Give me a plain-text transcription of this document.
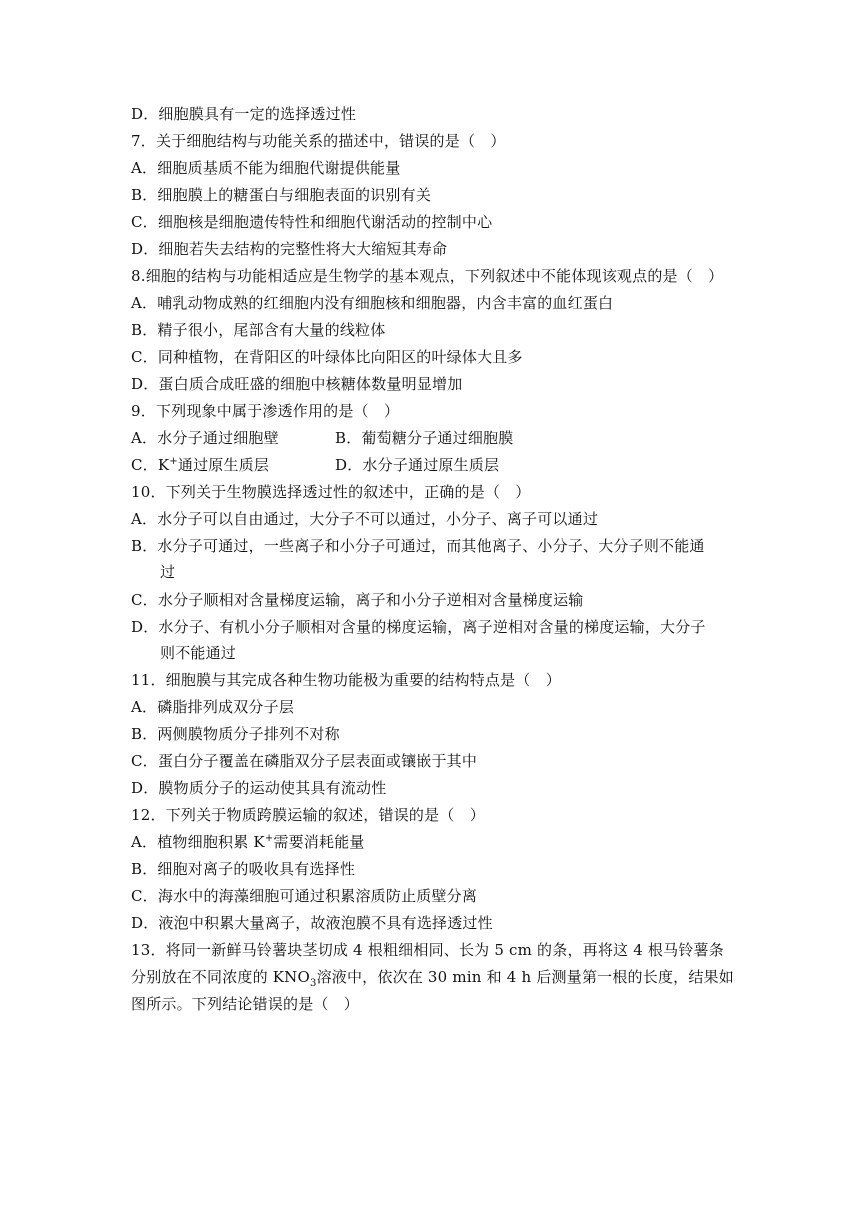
D．细胞膜具有一定的选择透过性
7．关于细胞结构与功能关系的描述中，错误的是（　）
A．细胞质基质不能为细胞代谢提供能量
B．细胞膜上的糖蛋白与细胞表面的识别有关
C．细胞核是细胞遗传特性和细胞代谢活动的控制中心
D．细胞若失去结构的完整性将大大缩短其寿命
8.细胞的结构与功能相适应是生物学的基本观点，下列叙述中不能体现该观点的是（　）
A．哺乳动物成熟的红细胞内没有细胞核和细胞器，内含丰富的血红蛋白
B．精子很小，尾部含有大量的线粒体
C．同种植物，在背阳区的叶绿体比向阳区的叶绿体大且多
D．蛋白质合成旺盛的细胞中核糖体数量明显增加
9．下列现象中属于渗透作用的是（　）
A．水分子通过细胞壁	B．葡萄糖分子通过细胞膜
C．K+通过原生质层	D．水分子通过原生质层
10．下列关于生物膜选择透过性的叙述中，正确的是（　）
A．水分子可以自由通过，大分子不可以通过，小分子、离子可以通过
B．水分子可通过，一些离子和小分子可通过，而其他离子、小分子、大分子则不能通
过
C．水分子顺相对含量梯度运输，离子和小分子逆相对含量梯度运输
D．水分子、有机小分子顺相对含量的梯度运输，离子逆相对含量的梯度运输，大分子
则不能通过
11．细胞膜与其完成各种生物功能极为重要的结构特点是（　）
A．磷脂排列成双分子层
B．两侧膜物质分子排列不对称
C．蛋白分子覆盖在磷脂双分子层表面或镶嵌于其中
D．膜物质分子的运动使其具有流动性
12．下列关于物质跨膜运输的叙述，错误的是（　）
A．植物细胞积累 K+需要消耗能量
B．细胞对离子的吸收具有选择性
C．海水中的海藻细胞可通过积累溶质防止质壁分离
D．液泡中积累大量离子，故液泡膜不具有选择透过性
13．将同一新鲜马铃薯块茎切成 4 根粗细相同、长为 5 cm 的条，再将这 4 根马铃薯条
分别放在不同浓度的 $KNO_3$溶液中，依次在 30 min 和 4 h 后测量第一根的长度，结果如
图所示。下列结论错误的是（　）
